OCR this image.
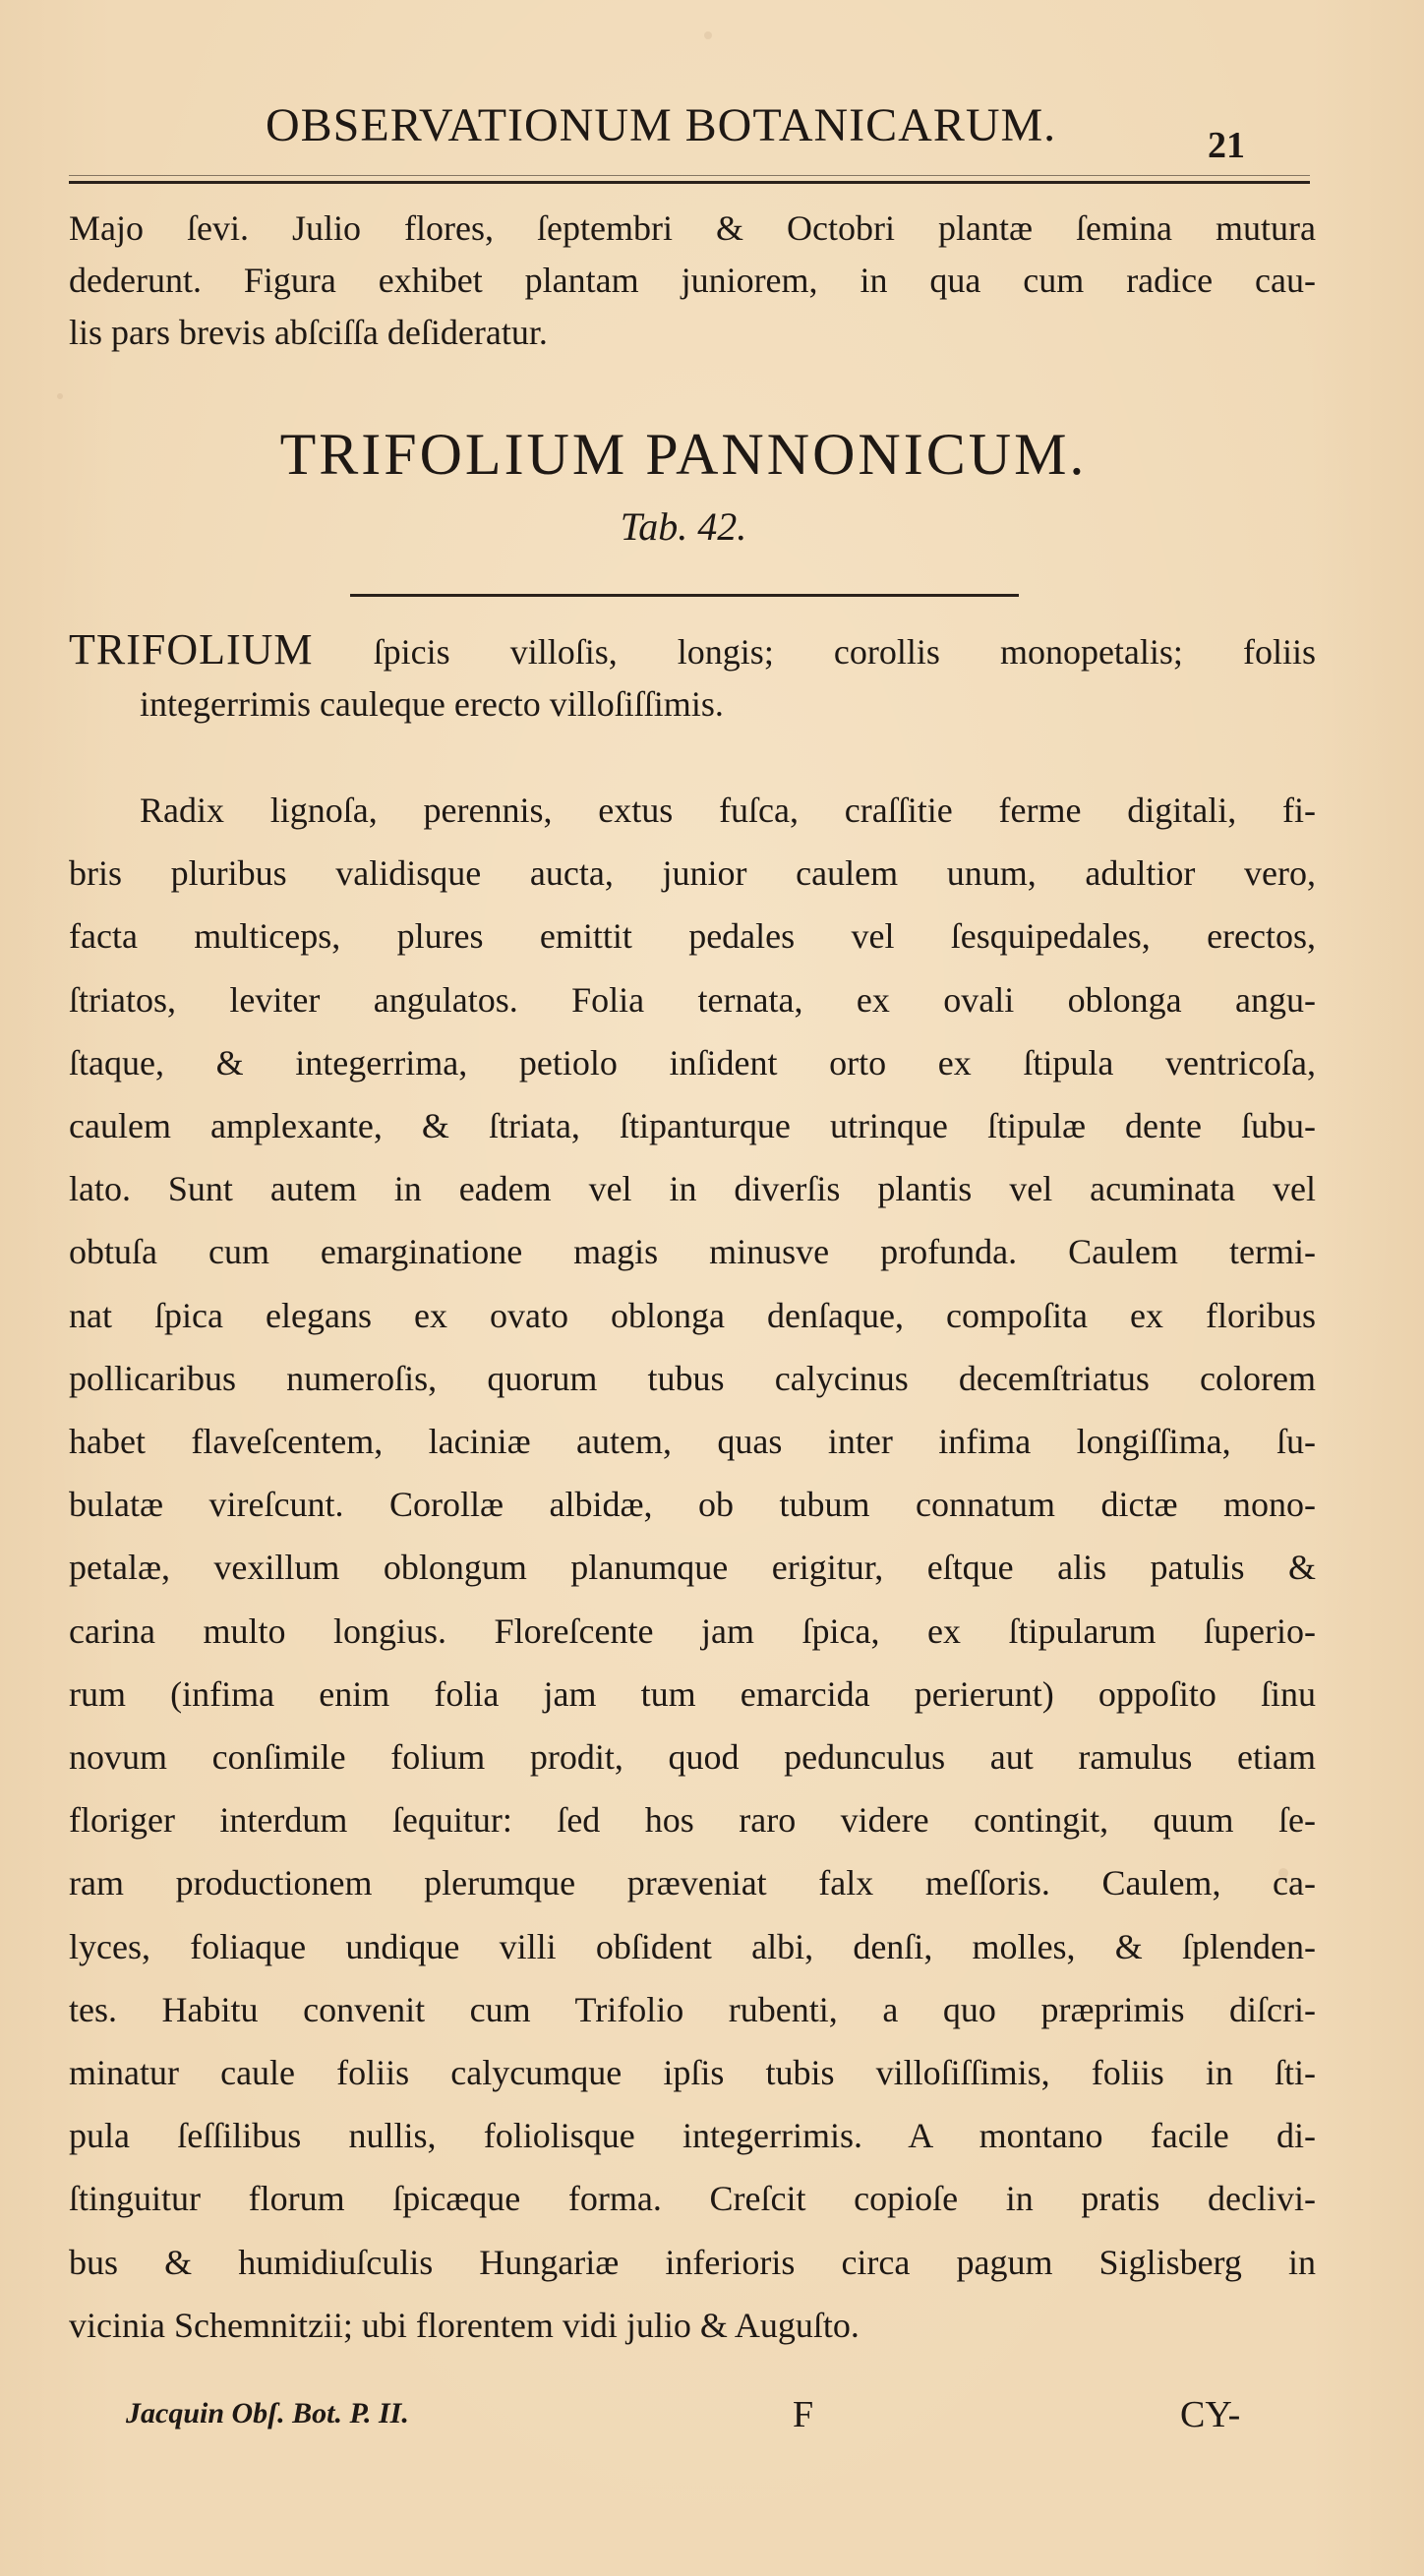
OBSERVATIONUM BOTANICARUM.	21
Majo ſevi. Julio flores, ſeptembri & Octobri plantæ ſemina mutura
dederunt. Figura exhibet plantam juniorem, in qua cum radice cau-
lis pars brevis abſciſſa deſideratur.
TRIFOLIUM PANNONICUM.
Tab. 42.
TRIFOLIUM ſpicis villoſis, longis; corollis monopetalis; foliis
integerrimis cauleque erecto villoſiſſimis.
Radix lignoſa, perennis, extus fuſca, craſſitie ferme digitali, fi-
bris pluribus validisque aucta, junior caulem unum, adultior vero,
facta multiceps, plures emittit pedales vel ſesquipedales, erectos,
ſtriatos, leviter angulatos. Folia ternata, ex ovali oblonga angu-
ſtaque, & integerrima, petiolo inſident orto ex ſtipula ventricoſa,
caulem amplexante, & ſtriata, ſtipanturque utrinque ſtipulæ dente ſubu-
lato. Sunt autem in eadem vel in diverſis plantis vel acuminata vel
obtuſa cum emarginatione magis minusve profunda. Caulem termi-
nat ſpica elegans ex ovato oblonga denſaque, compoſita ex floribus
pollicaribus numeroſis, quorum tubus calycinus decemſtriatus colorem
habet flaveſcentem, laciniæ autem, quas inter infima longiſſima, ſu-
bulatæ vireſcunt. Corollæ albidæ, ob tubum connatum dictæ mono-
petalæ, vexillum oblongum planumque erigitur, eſtque alis patulis &
carina multo longius. Floreſcente jam ſpica, ex ſtipularum ſuperio-
rum (infima enim folia jam tum emarcida perierunt) oppoſito ſinu
novum conſimile folium prodit, quod pedunculus aut ramulus etiam
floriger interdum ſequitur: ſed hos raro videre contingit, quum ſe-
ram productionem plerumque præveniat falx meſſoris. Caulem, ca-
lyces, foliaque undique villi obſident albi, denſi, molles, & ſplenden-
tes. Habitu convenit cum Trifolio rubenti, a quo præprimis diſcri-
minatur caule foliis calycumque ipſis tubis villoſiſſimis, foliis in ſti-
pula ſeſſilibus nullis, foliolisque integerrimis. A montano facile di-
ſtinguitur florum ſpicæque forma. Creſcit copioſe in pratis declivi-
bus & humidiuſculis Hungariæ inferioris circa pagum Siglisberg in
vicinia Schemnitzii; ubi florentem vidi julio & Auguſto.
Jacquin Obſ. Bot. P. II.	F	CY-
